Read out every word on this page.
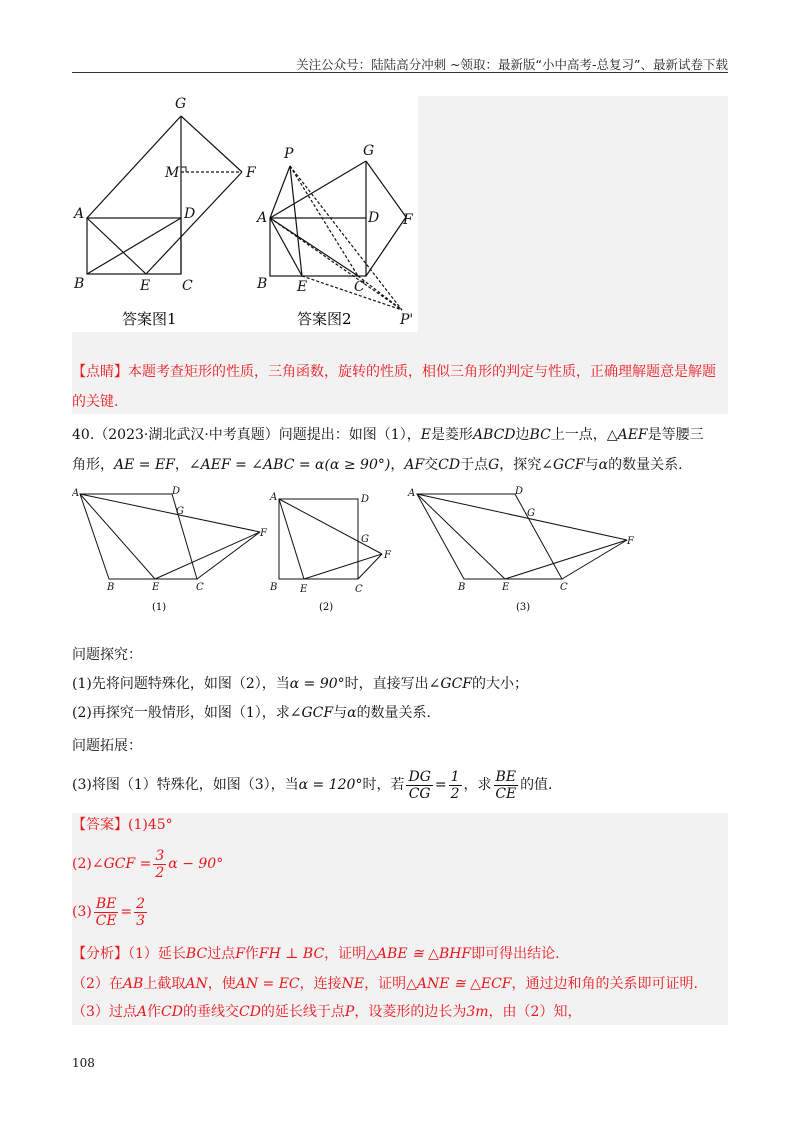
关注公众号：陆陆高分冲刺 ~领取：最新版“小中高考-总复习”、最新试卷下载
G
M	F
A	D
B	E C
答案图1
P	G
A	D F
B E	C
P'
答案图2
【点睛】本题考查矩形的性质，三角函数，旋转的性质，相似三角形的判定与性质，正确理解题意是解题
的关键.
40.（2023·湖北武汉·中考真题）问题提出：如图（1），E是菱形ABCD边BC上一点，△AEF是等腰三
角形，AE = EF，∠AEF = ∠ABC = α(α ≥ 90°)，AF交CD于点G，探究∠GCF与α的数量关系.
A	D
G
F
B	E	C
(1)
A	D
G
F
B E	C
(2)
A	D
G
F
B	E	C
(3)
问题探究：
(1)先将问题特殊化，如图（2），当α = 90°时，直接写出∠GCF的大小；
(2)再探究一般情形，如图（1），求∠GCF与α的数量关系.
问题拓展：
(3)将图（1）特殊化，如图（3），当α = 120°时，若 $\frac{DG}{CG} = \frac{1}{2}$ ，求 $\frac{BE}{CE}$ 的值.
【答案】(1)45°
(2)∠GCF = $\frac{3}{2}$ α − 90°
$(3) \frac{BE}{CE} = \frac{2}{3}$
【分析】（1）延长BC过点F作FH ⊥ BC，证明△ABE ≅ △BHF即可得出结论.
（2）在AB上截取AN，使AN = EC，连接NE，证明△ANE ≅ △ECF，通过边和角的关系即可证明.
（3）过点A作CD的垂线交CD的延长线于点P，设菱形的边长为3m，由（2）知，
108
